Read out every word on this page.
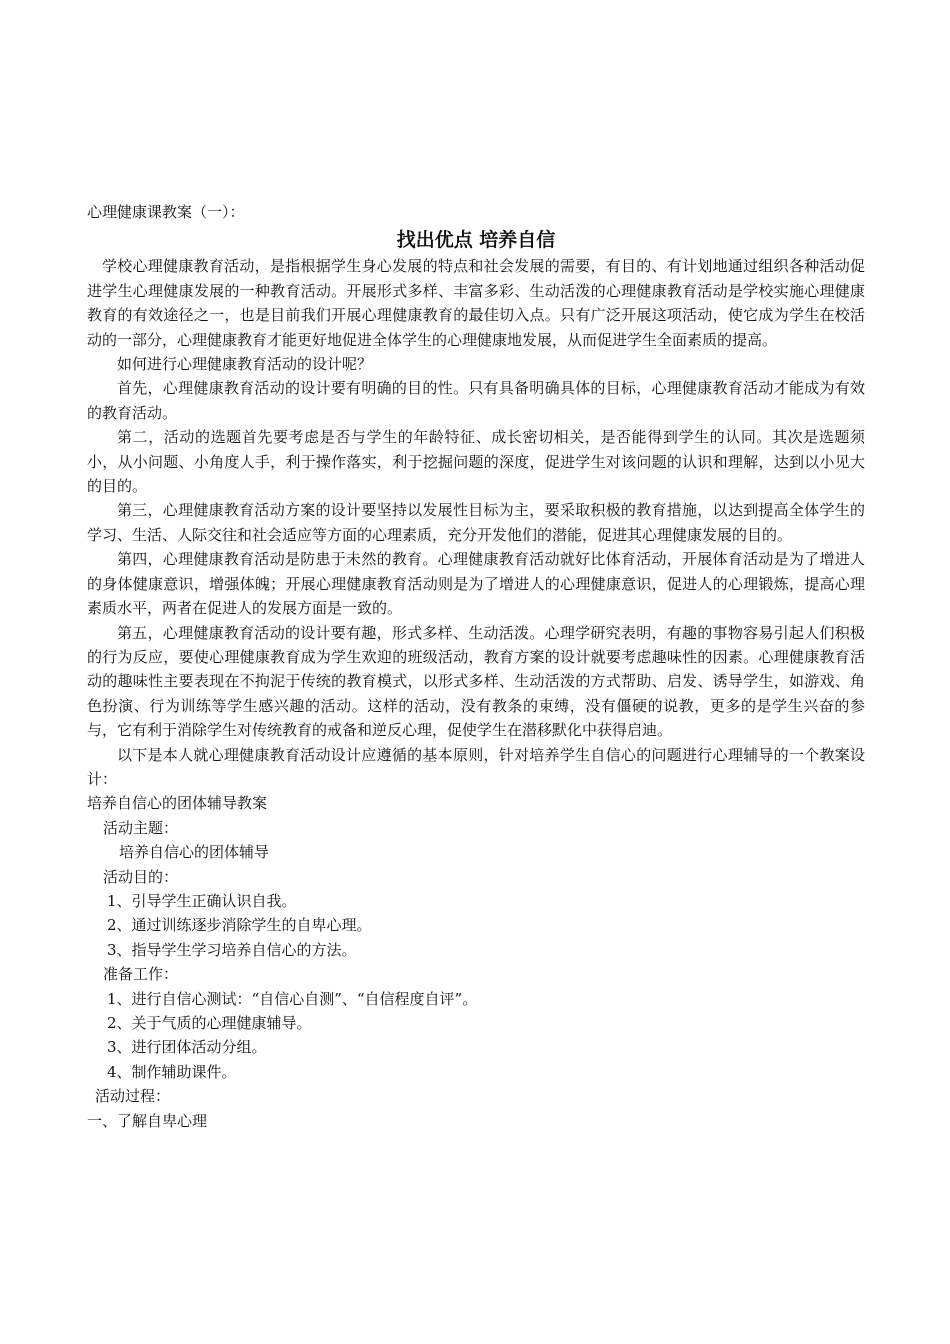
心理健康课教案（一）：

找出优点 培养自信

学校心理健康教育活动，是指根据学生身心发展的特点和社会发展的需要，有目的、有计划地通过组织各种活动促进学生心理健康发展的一种教育活动。开展形式多样、丰富多彩、生动活泼的心理健康教育活动是学校实施心理健康教育的有效途径之一，也是目前我们开展心理健康教育的最佳切入点。只有广泛开展这项活动，使它成为学生在校活动的一部分，心理健康教育才能更好地促进全体学生的心理健康地发展，从而促进学生全面素质的提高。

如何进行心理健康教育活动的设计呢？

首先，心理健康教育活动的设计要有明确的目的性。只有具备明确具体的目标，心理健康教育活动才能成为有效的教育活动。

第二，活动的选题首先要考虑是否与学生的年龄特征、成长密切相关，是否能得到学生的认同。其次是选题须小，从小问题、小角度人手，利于操作落实，利于挖掘问题的深度，促进学生对该问题的认识和理解，达到以小见大的目的。

第三，心理健康教育活动方案的设计要坚持以发展性目标为主，要采取积极的教育措施，以达到提高全体学生的学习、生活、人际交往和社会适应等方面的心理素质，充分开发他们的潜能，促进其心理健康发展的目的。

第四，心理健康教育活动是防患于未然的教育。心理健康教育活动就好比体育活动，开展体育活动是为了增进人的身体健康意识，增强体魄；开展心理健康教育活动则是为了增进人的心理健康意识，促进人的心理锻炼，提高心理素质水平，两者在促进人的发展方面是一致的。

第五，心理健康教育活动的设计要有趣，形式多样、生动活泼。心理学研究表明，有趣的事物容易引起人们积极的行为反应，要使心理健康教育成为学生欢迎的班级活动，教育方案的设计就要考虑趣味性的因素。心理健康教育活动的趣味性主要表现在不拘泥于传统的教育模式，以形式多样、生动活泼的方式帮助、启发、诱导学生，如游戏、角色扮演、行为训练等学生感兴趣的活动。这样的活动，没有教条的束缚，没有僵硬的说教，更多的是学生兴奋的参与，它有利于消除学生对传统教育的戒备和逆反心理，促使学生在潜移默化中获得启迪。

以下是本人就心理健康教育活动设计应遵循的基本原则，针对培养学生自信心的问题进行心理辅导的一个教案设计：

培养自信心的团体辅导教案

活动主题：

培养自信心的团体辅导

活动目的：

1、引导学生正确认识自我。

2、通过训练逐步消除学生的自卑心理。

3、指导学生学习培养自信心的方法。

准备工作：

1、进行自信心测试：“自信心自测”、“自信程度自评”。

2、关于气质的心理健康辅导。

3、进行团体活动分组。

4、制作辅助课件。

活动过程：

一、了解自卑心理
